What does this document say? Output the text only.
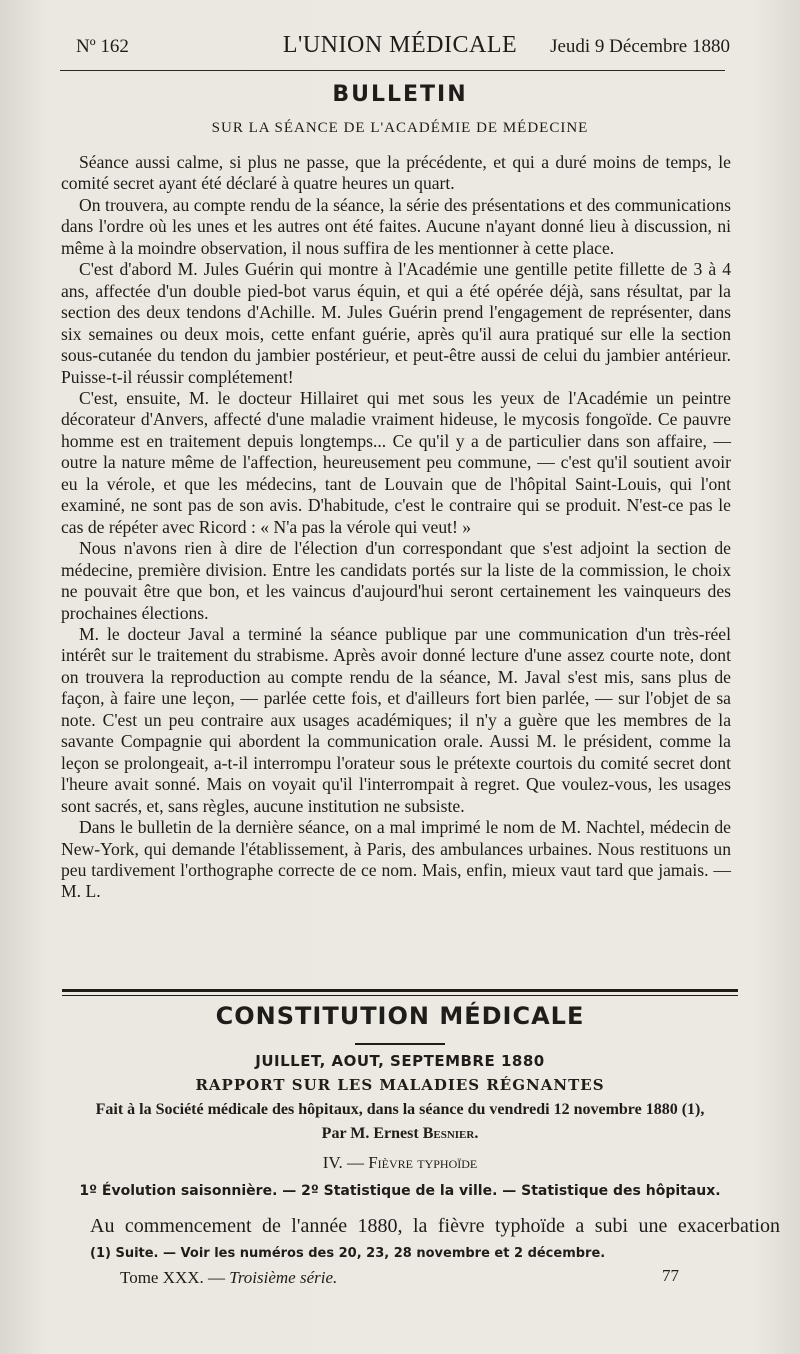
Nº 162	L'UNION MÉDICALE	Jeudi 9 Décembre 1880
BULLETIN
SUR LA SÉANCE DE L'ACADÉMIE DE MÉDECINE

Séance aussi calme, si plus ne passe, que la précédente, et qui a duré moins de temps, le comité secret ayant été déclaré à quatre heures un quart.

On trouvera, au compte rendu de la séance, la série des présentations et des communications dans l'ordre où les unes et les autres ont été faites. Aucune n'ayant donné lieu à discussion, ni même à la moindre observation, il nous suffira de les mentionner à cette place.

C'est d'abord M. Jules Guérin qui montre à l'Académie une gentille petite fillette de 3 à 4 ans, affectée d'un double pied-bot varus équin, et qui a été opérée déjà, sans résultat, par la section des deux tendons d'Achille. M. Jules Guérin prend l'engagement de représenter, dans six semaines ou deux mois, cette enfant guérie, après qu'il aura pratiqué sur elle la section sous-cutanée du tendon du jambier postérieur, et peut-être aussi de celui du jambier antérieur. Puisse-t-il réussir complétement!

C'est, ensuite, M. le docteur Hillairet qui met sous les yeux de l'Académie un peintre décorateur d'Anvers, affecté d'une maladie vraiment hideuse, le mycosis fongoïde. Ce pauvre homme est en traitement depuis longtemps... Ce qu'il y a de particulier dans son affaire, — outre la nature même de l'affection, heureusement peu commune, — c'est qu'il soutient avoir eu la vérole, et que les médecins, tant de Louvain que de l'hôpital Saint-Louis, qui l'ont examiné, ne sont pas de son avis. D'habitude, c'est le contraire qui se produit. N'est-ce pas le cas de répéter avec Ricord : « N'a pas la vérole qui veut! »

Nous n'avons rien à dire de l'élection d'un correspondant que s'est adjoint la section de médecine, première division. Entre les candidats portés sur la liste de la commission, le choix ne pouvait être que bon, et les vaincus d'aujourd'hui seront certainement les vainqueurs des prochaines élections.

M. le docteur Javal a terminé la séance publique par une communication d'un très-réel intérêt sur le traitement du strabisme. Après avoir donné lecture d'une assez courte note, dont on trouvera la reproduction au compte rendu de la séance, M. Javal s'est mis, sans plus de façon, à faire une leçon, — parlée cette fois, et d'ailleurs fort bien parlée, — sur l'objet de sa note. C'est un peu contraire aux usages académiques; il n'y a guère que les membres de la savante Compagnie qui abordent la communication orale. Aussi M. le président, comme la leçon se prolongeait, a-t-il interrompu l'orateur sous le prétexte courtois du comité secret dont l'heure avait sonné. Mais on voyait qu'il l'interrompait à regret. Que voulez-vous, les usages sont sacrés, et, sans règles, aucune institution ne subsiste.

Dans le bulletin de la dernière séance, on a mal imprimé le nom de M. Nachtel, médecin de New-York, qui demande l'établissement, à Paris, des ambulances urbaines. Nous restituons un peu tardivement l'orthographe correcte de ce nom. Mais, enfin, mieux vaut tard que jamais. — M. L.

CONSTITUTION MÉDICALE
JUILLET, AOUT, SEPTEMBRE 1880
RAPPORT SUR LES MALADIES RÉGNANTES
Fait à la Société médicale des hôpitaux, dans la séance du vendredi 12 novembre 1880 (1),
Par M. Ernest Besnier.
IV. — Fièvre typhoïde
1º Évolution saisonnière. — 2º Statistique de la ville. — Statistique des hôpitaux.
Au commencement de l'année 1880, la fièvre typhoïde a subi une exacerbation
(1) Suite. — Voir les numéros des 20, 23, 28 novembre et 2 décembre.
Tome XXX. — Troisième série.	77
